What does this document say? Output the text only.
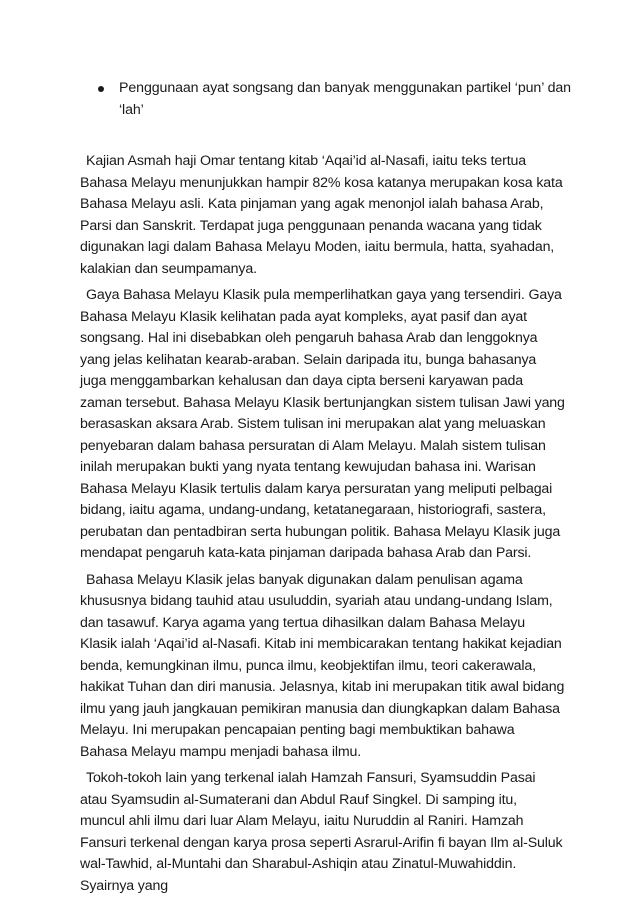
Penggunaan ayat songsang dan banyak menggunakan partikel ‘pun’ dan ‘lah’

Kajian Asmah haji Omar tentang kitab ‘Aqai’id al-Nasafi, iaitu teks tertua Bahasa Melayu menunjukkan hampir 82% kosa katanya merupakan kosa kata Bahasa Melayu asli. Kata pinjaman yang agak menonjol ialah bahasa Arab, Parsi dan Sanskrit. Terdapat juga penggunaan penanda wacana yang tidak digunakan lagi dalam Bahasa Melayu Moden, iaitu bermula, hatta, syahadan, kalakian dan seumpamanya.

Gaya Bahasa Melayu Klasik pula memperlihatkan gaya yang tersendiri. Gaya Bahasa Melayu Klasik kelihatan pada ayat kompleks, ayat pasif dan ayat songsang. Hal ini disebabkan oleh pengaruh bahasa Arab dan lenggoknya yang jelas kelihatan kearab-araban. Selain daripada itu, bunga bahasanya juga menggambarkan kehalusan dan daya cipta berseni karyawan pada zaman tersebut. Bahasa Melayu Klasik bertunjangkan sistem tulisan Jawi yang berasaskan aksara Arab. Sistem tulisan ini merupakan alat yang meluaskan penyebaran dalam bahasa persuratan di Alam Melayu. Malah sistem tulisan inilah merupakan bukti yang nyata tentang kewujudan bahasa ini. Warisan Bahasa Melayu Klasik tertulis dalam karya persuratan yang meliputi pelbagai bidang, iaitu agama, undang-undang, ketatanegaraan, historiografi, sastera, perubatan dan pentadbiran serta hubungan politik. Bahasa Melayu Klasik juga mendapat pengaruh kata-kata pinjaman daripada bahasa Arab dan Parsi.

Bahasa Melayu Klasik jelas banyak digunakan dalam penulisan agama khususnya bidang tauhid atau usuluddin, syariah atau undang-undang Islam, dan tasawuf. Karya agama yang tertua dihasilkan dalam Bahasa Melayu Klasik ialah ‘Aqai’id al-Nasafi. Kitab ini membicarakan tentang hakikat kejadian benda, kemungkinan ilmu, punca ilmu, keobjektifan ilmu, teori cakerawala, hakikat Tuhan dan diri manusia. Jelasnya, kitab ini merupakan titik awal bidang ilmu yang jauh jangkauan pemikiran manusia dan diungkapkan dalam Bahasa Melayu. Ini merupakan pencapaian penting bagi membuktikan bahawa Bahasa Melayu mampu menjadi bahasa ilmu.

Tokoh-tokoh lain yang terkenal ialah Hamzah Fansuri, Syamsuddin Pasai atau Syamsudin al-Sumaterani dan Abdul Rauf Singkel. Di samping itu, muncul ahli ilmu dari luar Alam Melayu, iaitu Nuruddin al Raniri. Hamzah Fansuri terkenal dengan karya prosa seperti Asrarul-Arifin fi bayan Ilm al-Suluk wal-Tawhid, al-Muntahi dan Sharabul-Ashiqin atau Zinatul-Muwahiddin. Syairnya yang
